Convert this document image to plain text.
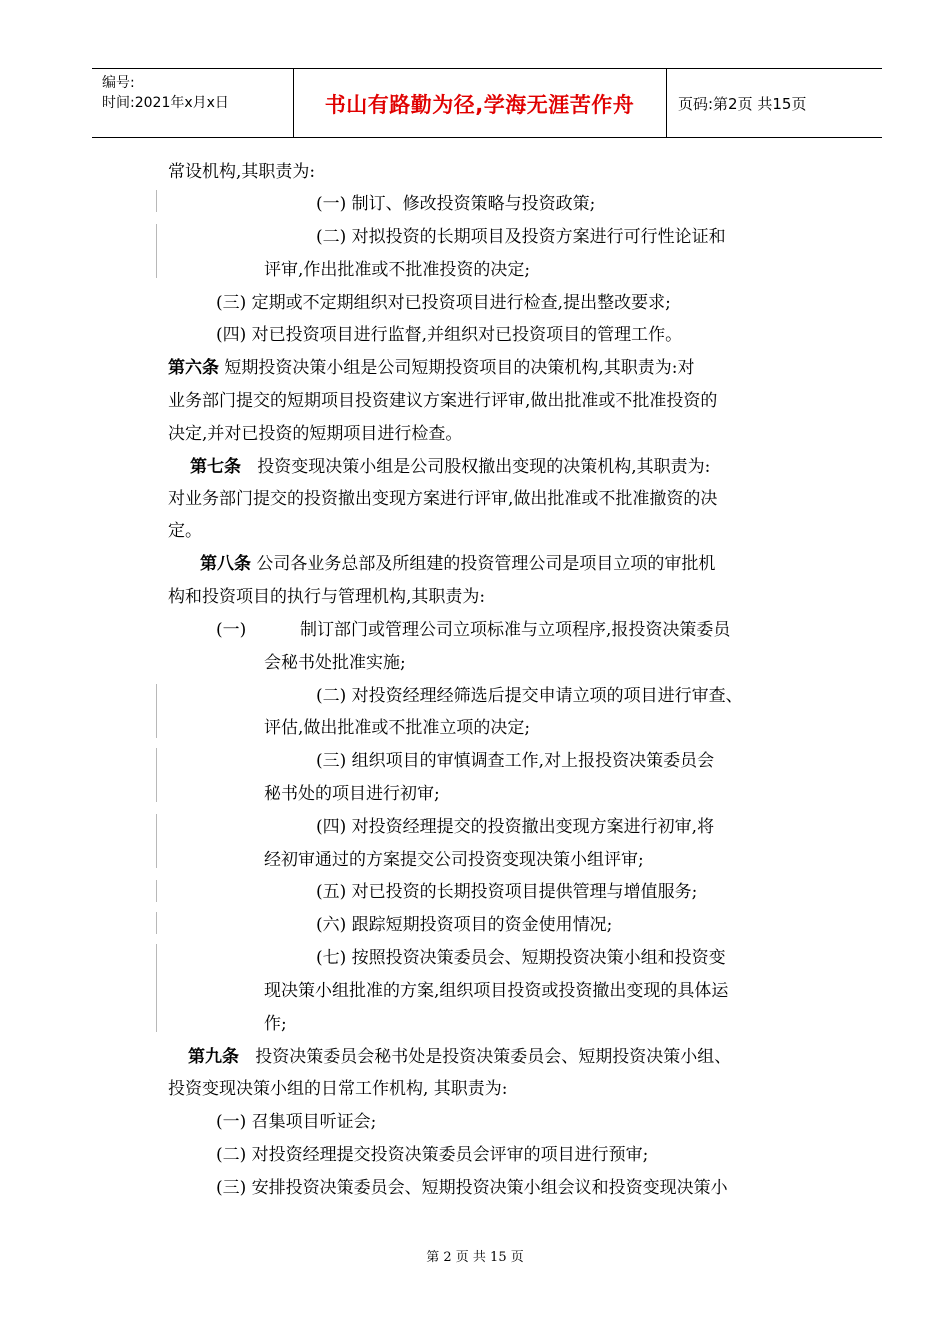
编号:
时间:2021年x月x日	书山有路勤为径,学海无涯苦作舟	页码:第2页 共15页
常设机构,其职责为:
(一) 制订、修改投资策略与投资政策;
(二) 对拟投资的长期项目及投资方案进行可行性论证和
评审,作出批准或不批准投资的决定;
(三) 定期或不定期组织对已投资项目进行检查,提出整改要求;
(四) 对已投资项目进行监督,并组织对已投资项目的管理工作。
第六条 短期投资决策小组是公司短期投资项目的决策机构,其职责为:对
业务部门提交的短期项目投资建议方案进行评审,做出批准或不批准投资的
决定,并对已投资的短期项目进行检查。
第七条 投资变现决策小组是公司股权撤出变现的决策机构,其职责为:
对业务部门提交的投资撤出变现方案进行评审,做出批准或不批准撤资的决
定。
第八条 公司各业务总部及所组建的投资管理公司是项目立项的审批机
构和投资项目的执行与管理机构,其职责为:
(一)	制订部门或管理公司立项标准与立项程序,报投资决策委员
会秘书处批准实施;
(二) 对投资经理经筛选后提交申请立项的项目进行审查、
评估,做出批准或不批准立项的决定;
(三) 组织项目的审慎调查工作,对上报投资决策委员会
秘书处的项目进行初审;
(四) 对投资经理提交的投资撤出变现方案进行初审,将
经初审通过的方案提交公司投资变现决策小组评审;
(五) 对已投资的长期投资项目提供管理与增值服务;
(六) 跟踪短期投资项目的资金使用情况;
(七) 按照投资决策委员会、短期投资决策小组和投资变
现决策小组批准的方案,组织项目投资或投资撤出变现的具体运
作;
第九条 投资决策委员会秘书处是投资决策委员会、短期投资决策小组、
投资变现决策小组的日常工作机构, 其职责为:
(一) 召集项目听证会;
(二) 对投资经理提交投资决策委员会评审的项目进行预审;
(三) 安排投资决策委员会、短期投资决策小组会议和投资变现决策小
第 2 页 共 15 页
